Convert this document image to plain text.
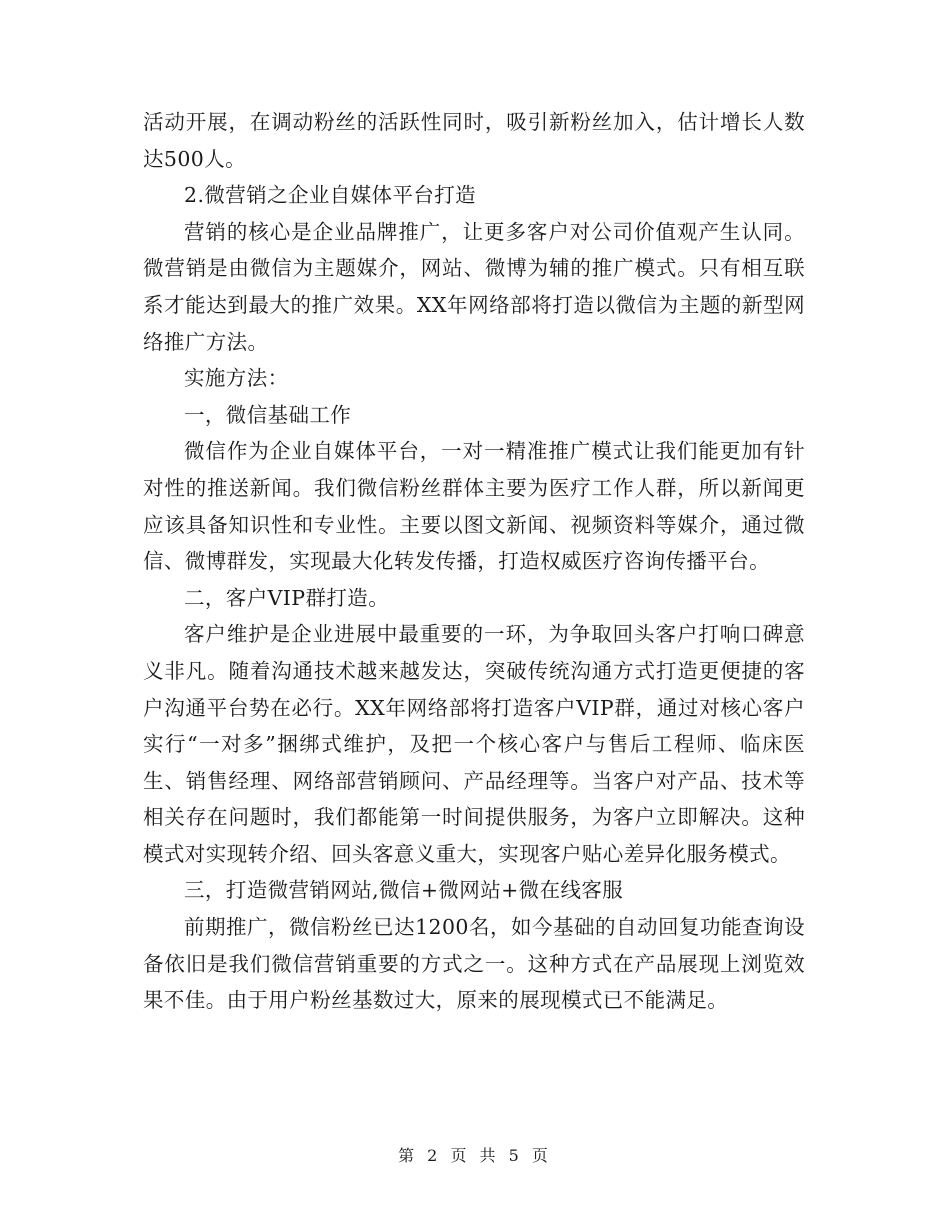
活动开展，在调动粉丝的活跃性同时，吸引新粉丝加入，估计增长人数达500人。

2.微营销之企业自媒体平台打造

营销的核心是企业品牌推广，让更多客户对公司价值观产生认同。微营销是由微信为主题媒介，网站、微博为辅的推广模式。只有相互联系才能达到最大的推广效果。XX年网络部将打造以微信为主题的新型网络推广方法。

实施方法：

一，微信基础工作

微信作为企业自媒体平台，一对一精准推广模式让我们能更加有针对性的推送新闻。我们微信粉丝群体主要为医疗工作人群，所以新闻更应该具备知识性和专业性。主要以图文新闻、视频资料等媒介，通过微信、微博群发，实现最大化转发传播，打造权威医疗咨询传播平台。

二，客户VIP群打造。

客户维护是企业进展中最重要的一环，为争取回头客户打响口碑意义非凡。随着沟通技术越来越发达，突破传统沟通方式打造更便捷的客户沟通平台势在必行。XX年网络部将打造客户VIP群，通过对核心客户实行“一对多”捆绑式维护，及把一个核心客户与售后工程师、临床医生、销售经理、网络部营销顾问、产品经理等。当客户对产品、技术等相关存在问题时，我们都能第一时间提供服务，为客户立即解决。这种模式对实现转介绍、回头客意义重大，实现客户贴心差异化服务模式。

三，打造微营销网站,微信+微网站+微在线客服

前期推广，微信粉丝已达1200名，如今基础的自动回复功能查询设备依旧是我们微信营销重要的方式之一。这种方式在产品展现上浏览效果不佳。由于用户粉丝基数过大，原来的展现模式已不能满足。

第 2 页 共 5 页
